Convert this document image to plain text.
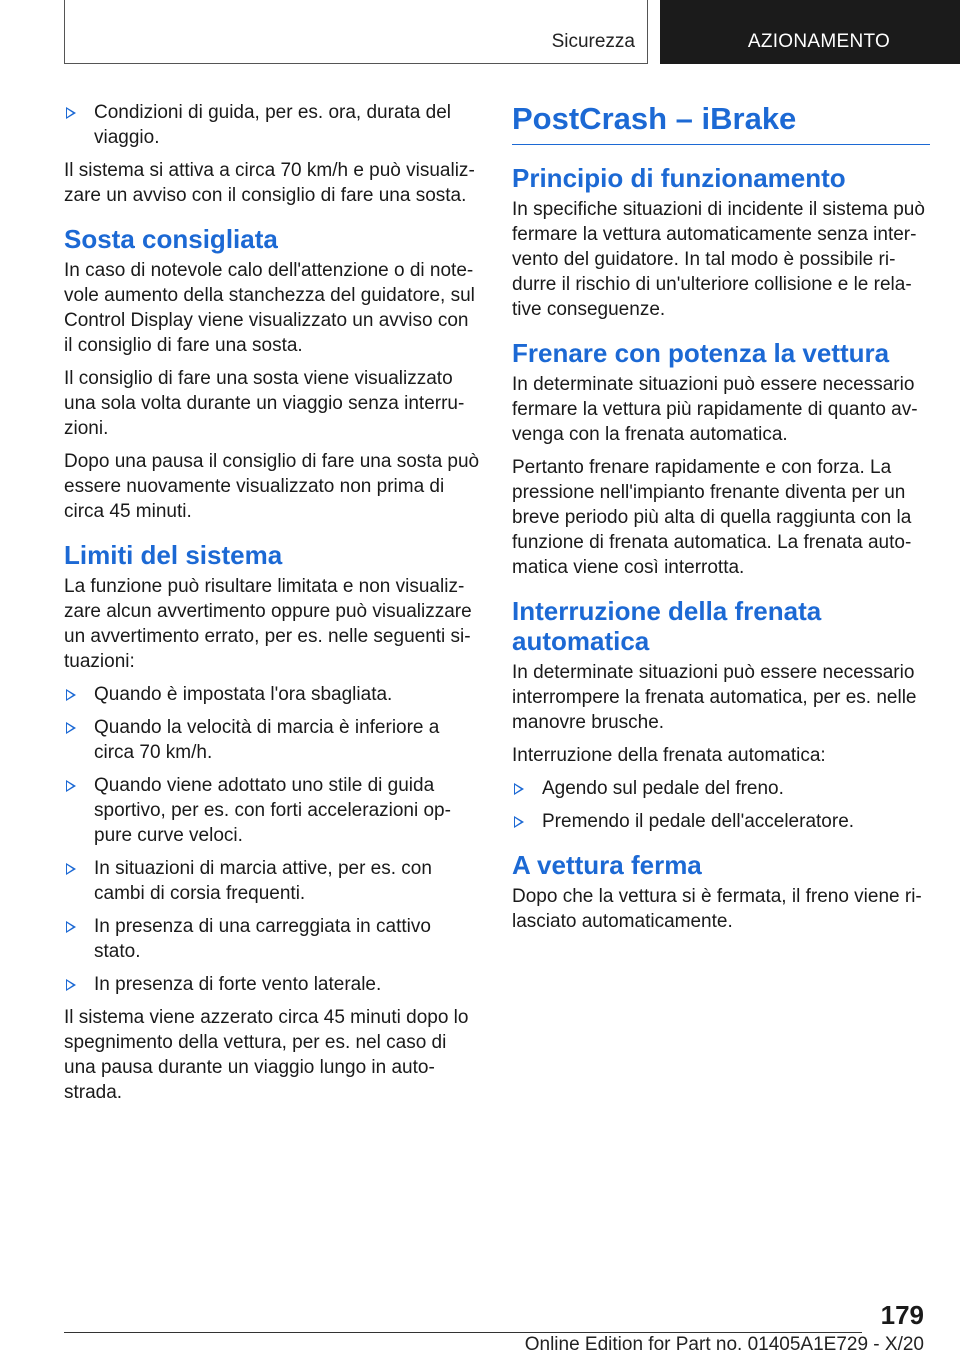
Sicurezza	AZIONAMENTO
Condizioni di guida, per es. ora, durata del viaggio.

Il sistema si attiva a circa 70 km/h e può visualizzare un avviso con il consiglio di fare una sosta.

Sosta consigliata

In caso di notevole calo dell'attenzione o di notevole aumento della stanchezza del guidatore, sul Control Display viene visualizzato un avviso con il consiglio di fare una sosta.

Il consiglio di fare una sosta viene visualizzato una sola volta durante un viaggio senza interruzioni.

Dopo una pausa il consiglio di fare una sosta può essere nuovamente visualizzato non prima di circa 45 minuti.

Limiti del sistema

La funzione può risultare limitata e non visualizzare alcun avvertimento oppure può visualizzare un avvertimento errato, per es. nelle seguenti situazioni:

Quando è impostata l'ora sbagliata.
Quando la velocità di marcia è inferiore a circa 70 km/h.
Quando viene adottato uno stile di guida sportivo, per es. con forti accelerazioni oppure curve veloci.
In situazioni di marcia attive, per es. con cambi di corsia frequenti.
In presenza di una carreggiata in cattivo stato.
In presenza di forte vento laterale.

Il sistema viene azzerato circa 45 minuti dopo lo spegnimento della vettura, per es. nel caso di una pausa durante un viaggio lungo in autostrada.

PostCrash – iBrake
Principio di funzionamento

In specifiche situazioni di incidente il sistema può fermare la vettura automaticamente senza intervento del guidatore. In tal modo è possibile ridurre il rischio di un'ulteriore collisione e le relative conseguenze.

Frenare con potenza la vettura

In determinate situazioni può essere necessario fermare la vettura più rapidamente di quanto avvenga con la frenata automatica.

Pertanto frenare rapidamente e con forza. La pressione nell'impianto frenante diventa per un breve periodo più alta di quella raggiunta con la funzione di frenata automatica. La frenata automatica viene così interrotta.

Interruzione della frenata automatica

In determinate situazioni può essere necessario interrompere la frenata automatica, per es. nelle manovre brusche.

Interruzione della frenata automatica:

Agendo sul pedale del freno.
Premendo il pedale dell'acceleratore.
A vettura ferma

Dopo che la vettura si è fermata, il freno viene rilasciato automaticamente.

179
Online Edition for Part no. 01405A1E729 - X/20
